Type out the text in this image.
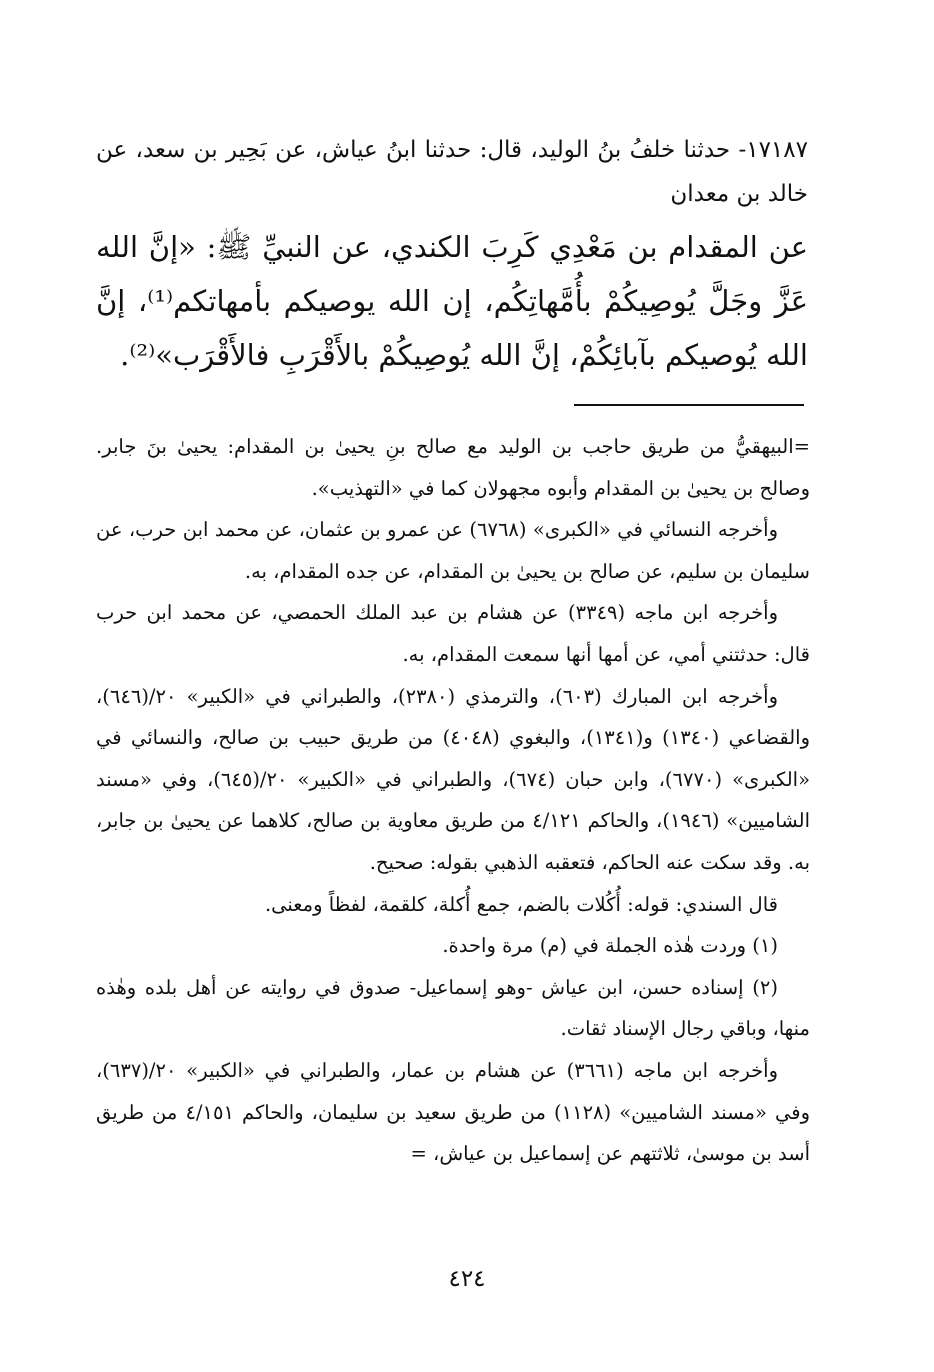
١٧١٨٧- حدثنا خلفُ بنُ الوليد، قال: حدثنا ابنُ عياش، عن بَحِير بن سعد، عن خالد بن معدان
عن المقدام بن مَعْدِي كَرِبَ الكندي، عن النبيِّ ﷺ: «إنَّ الله عَزَّ وجَلَّ يُوصِيكُمْ بأُمَّهاتِكُم، إن الله يوصيكم بأمهاتكم⁽¹⁾، إنَّ الله يُوصيكم بآبائِكُمْ، إنَّ الله يُوصِيكُمْ بالأَقْرَبِ فالأَقْرَب»⁽²⁾.

=البيهقيُّ من طريق حاجب بن الوليد مع صالح بنِ يحيىٰ بن المقدام: يحيىٰ بنَ جابر. وصالح بن يحيىٰ بن المقدام وأبوه مجهولان كما في «التهذيب».

وأخرجه النسائي في «الكبرى» (٦٧٦٨) عن عمرو بن عثمان، عن محمد ابن حرب، عن سليمان بن سليم، عن صالح بن يحيىٰ بن المقدام، عن جده المقدام، به.

وأخرجه ابن ماجه (٣٣٤٩) عن هشام بن عبد الملك الحمصي، عن محمد ابن حرب قال: حدثتني أمي، عن أمها أنها سمعت المقدام، به.

وأخرجه ابن المبارك (٦٠٣)، والترمذي (٢٣٨٠)، والطبراني في «الكبير» ٢٠/(٦٤٦)، والقضاعي (١٣٤٠) و(١٣٤١)، والبغوي (٤٠٤٨) من طريق حبيب بن صالح، والنسائي في «الكبرى» (٦٧٧٠)، وابن حبان (٦٧٤)، والطبراني في «الكبير» ٢٠/(٦٤٥)، وفي «مسند الشاميين» (١٩٤٦)، والحاكم ٤/١٢١ من طريق معاوية بن صالح، كلاهما عن يحيىٰ بن جابر، به. وقد سكت عنه الحاكم، فتعقبه الذهبي بقوله: صحيح.

قال السندي: قوله: أُكُلات بالضم، جمع أُكلة، كلقمة، لفظاً ومعنى.

(١) وردت هٰذه الجملة في (م) مرة واحدة.

(٢) إسناده حسن، ابن عياش -وهو إسماعيل- صدوق في روايته عن أهل بلده وهٰذه منها، وباقي رجال الإسناد ثقات.

وأخرجه ابن ماجه (٣٦٦١) عن هشام بن عمار، والطبراني في «الكبير» ٢٠/(٦٣٧)، وفي «مسند الشاميين» (١١٢٨) من طريق سعيد بن سليمان، والحاكم ٤/١٥١ من طريق أسد بن موسىٰ، ثلاثتهم عن إسماعيل بن عياش، =

٤٢٤
